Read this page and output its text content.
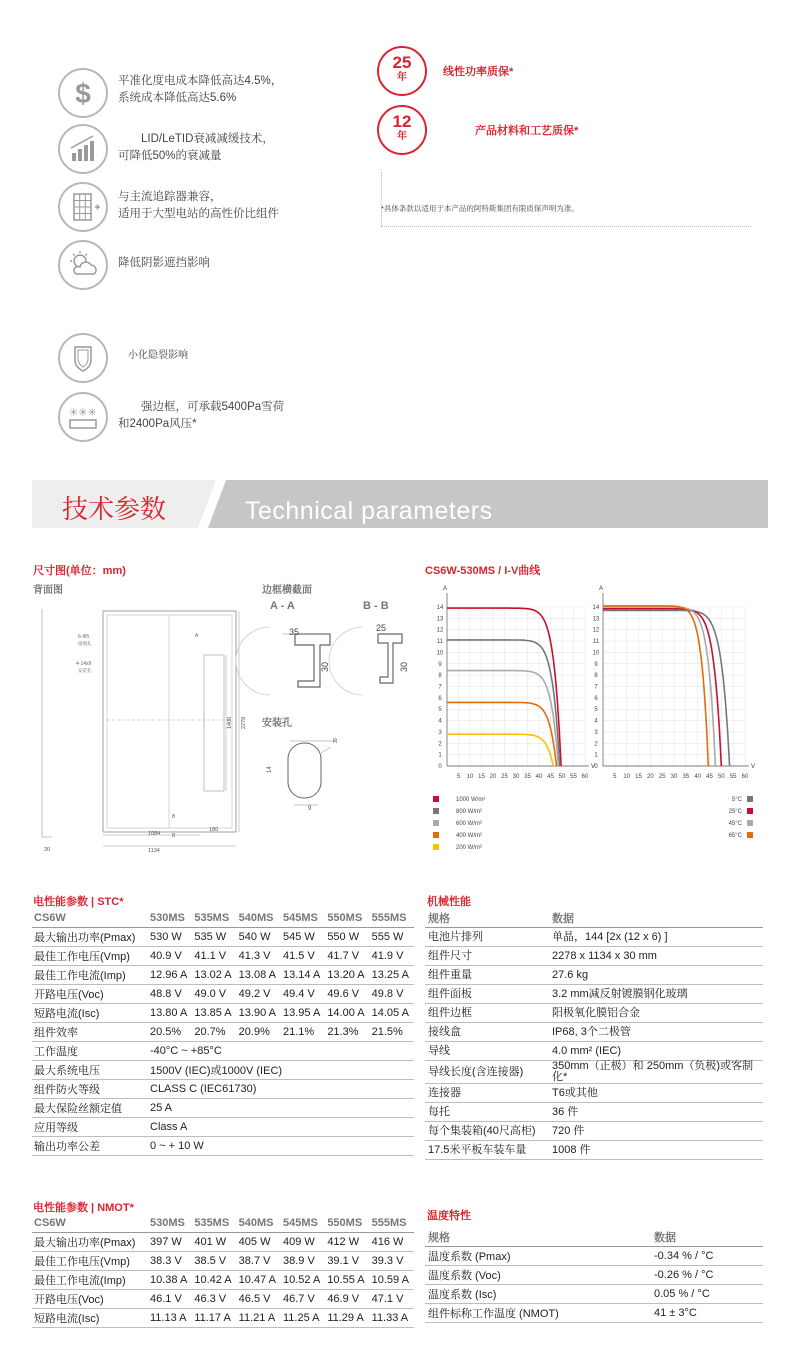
$ 平准化度电成本降低高达4.5%，
系统成本降低高达5.6%
　　LID/LeTID衰减减缓技术，
可降低50%的衰减量
与主流追踪器兼容，
适用于大型电站的高性价比组件
降低阴影遮挡影响
小化隐裂影响
✳✳✳ 　　强边框，可承载5400Pa雪荷
和2400Pa风压*
25
年	线性功率质保*
12
年	产品材料和工艺质保*
*具体条款以适用于本产品的阿特斯集团有限质保声明为准。
技术参数	Technical parameters
尺寸图(单位：mm)
背面图	边框横截面
A - A	B - B
安装孔
6-Φ5
接地孔
4-14x9
安装孔
A
B
B
1084
1134
180
30
2278
1400
35
30
25
30
R
14
9
CS6W-530MS / I-V曲线
0
1
2
3
4
5
6
7
8
9
10
11
12
13
14
5 10 15 20 25 30 35 40 45 50 55 60
A
V 0
1
2
3
4
5
6
7
8
9
10
11
12
13
14
5 10 15 20 25 30 35 40 45 50 55 60
A
V
1000 W/m²
800 W/m²
600 W/m²
400 W/m²
200 W/m²
5°C
25°C
45°C
65°C
电性能参数 | STC*
CS6W	530MS	535MS	540MS	545MS	550MS	555MS
最大输出功率(Pmax)	530 W	535 W	540 W	545 W	550 W	555 W
最佳工作电压(Vmp)	40.9 V	41.1 V	41.3 V	41.5 V	41.7 V	41.9 V
最佳工作电流(Imp)	12.96 A	13.02 A	13.08 A	13.14 A	13.20 A	13.25 A
开路电压(Voc)	48.8 V	49.0 V	49.2 V	49.4 V	49.6 V	49.8 V
短路电流(Isc)	13.80 A	13.85 A	13.90 A	13.95 A	14.00 A	14.05 A
组件效率	20.5%	20.7%	20.9%	21.1%	21.3%	21.5%
工作温度	-40°C ~ +85°C					
最大系统电压	1500V (IEC)或1000V (IEC)					
组件防火等级	CLASS C (IEC61730)					
最大保险丝额定值	25 A					
应用等级	Class A					
输出功率公差	0 ~ + 10 W					
机械性能
规格	数据
电池片排列	单晶，144 [2x (12 x 6) ]
组件尺寸	2278 x 1134 x 30 mm
组件重量	27.6 kg
组件面板	3.2 mm减反射镀膜钢化玻璃
组件边框	阳极氧化膜铝合金
接线盒	IP68, 3个二极管
导线	4.0 mm² (IEC)
导线长度(含连接器)	350mm（正极）和 250mm（负极)或客制化*
连接器	T6或其他
每托	36 件
每个集装箱(40尺高柜)	720 件
17.5米平板车装车量	1008 件
电性能参数 | NMOT*
CS6W	530MS	535MS	540MS	545MS	550MS	555MS
最大输出功率(Pmax)	397 W	401 W	405 W	409 W	412 W	416 W
最佳工作电压(Vmp)	38.3 V	38.5 V	38.7 V	38.9 V	39.1 V	39.3 V
最佳工作电流(Imp)	10.38 A	10.42 A	10.47 A	10.52 A	10.55 A	10.59 A
开路电压(Voc)	46.1 V	46.3 V	46.5 V	46.7 V	46.9 V	47.1 V
短路电流(Isc)	11.13 A	11.17 A	11.21 A	11.25 A	11.29 A	11.33 A
温度特性
规格	数据
温度系数 (Pmax)	-0.34 % / °C
温度系数 (Voc)	-0.26 % / °C
温度系数 (Isc)	0.05 % / °C
组件标称工作温度 (NMOT)	41 ± 3°C
